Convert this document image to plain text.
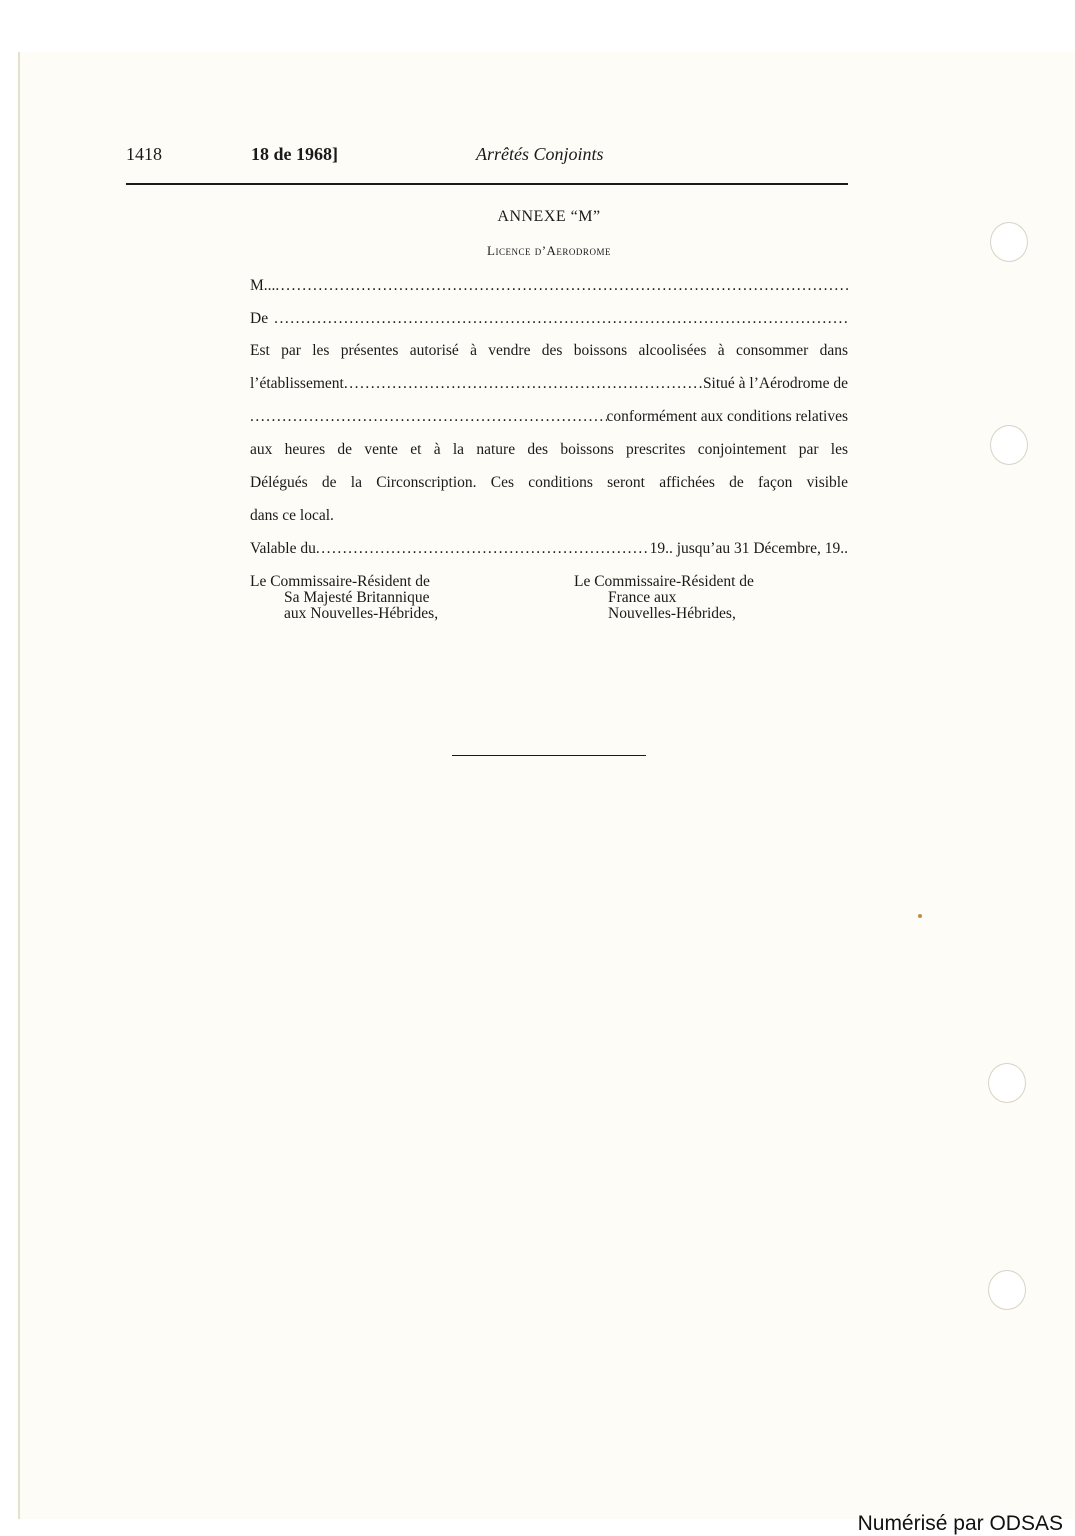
1418	18 de 1968]	Arrêtés Conjoints
ANNEXE “M”
Licence d’Aerodrome
M...
.....
De
.....
Est par les présentes autorisé à vendre des boissons alcoolisées à consommer dans
l’établissement .....	Situé à l’Aérodrome de
.....
conformément aux conditions relatives
aux heures de vente et à la nature des boissons prescrites conjointement par les
Délégués de la Circonscription. Ces conditions seront affichées de façon visible
dans ce local.
Valable du .....	19.. jusqu’au 31 Décembre, 19..
Le Commissaire-Résident de
Sa Majesté Britannique
aux Nouvelles-Hébrides,
Le Commissaire-Résident de
France aux
Nouvelles-Hébrides,
Numérisé par ODSAS
